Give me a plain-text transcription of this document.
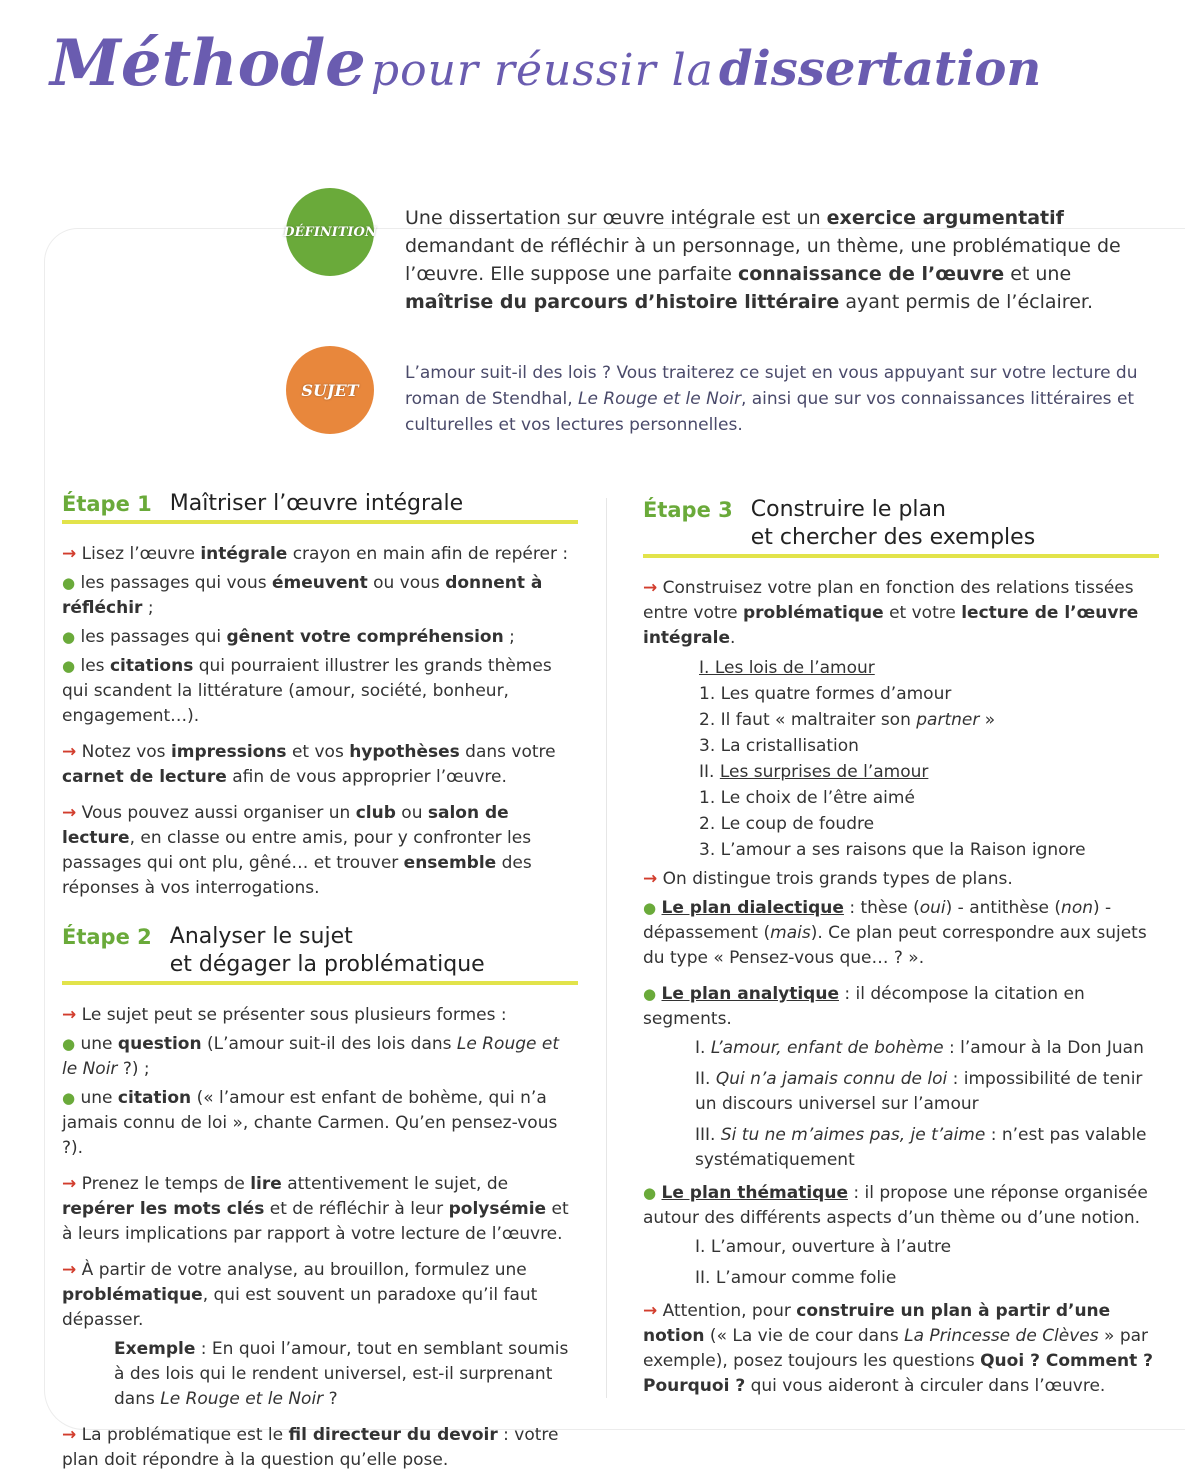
Méthode pour réussir la dissertation
DÉFINITION
Une dissertation sur œuvre intégrale est un exercice argumentatif demandant de réfléchir à un personnage, un thème, une problématique de l’œuvre. Elle suppose une parfaite connaissance de l’œuvre et une maîtrise du parcours d’histoire littéraire ayant permis de l’éclairer.
SUJET
L’amour suit-il des lois ? Vous traiterez ce sujet en vous appuyant sur votre lecture du roman de Stendhal, Le Rouge et le Noir, ainsi que sur vos connaissances littéraires et culturelles et vos lectures personnelles.
Étape 1 Maîtriser l’œuvre intégrale

→ Lisez l’œuvre intégrale crayon en main afin de repérer :

● les passages qui vous émeuvent ou vous donnent à réfléchir ;

● les passages qui gênent votre compréhension ;

● les citations qui pourraient illustrer les grands thèmes qui scandent la littérature (amour, société, bonheur, engagement…).

→ Notez vos impressions et vos hypothèses dans votre carnet de lecture afin de vous approprier l’œuvre.

→ Vous pouvez aussi organiser un club ou salon de lecture, en classe ou entre amis, pour y confronter les passages qui ont plu, gêné… et trouver ensemble des réponses à vos interrogations.

Étape 2 Analyser le sujet
et dégager la problématique

→ Le sujet peut se présenter sous plusieurs formes :

● une question (L’amour suit-il des lois dans Le Rouge et le Noir ?) ;

● une citation (« l’amour est enfant de bohème, qui n’a jamais connu de loi », chante Carmen. Qu’en pensez-vous ?).

→ Prenez le temps de lire attentivement le sujet, de repérer les mots clés et de réfléchir à leur polysémie et à leurs implications par rapport à votre lecture de l’œuvre.

→ À partir de votre analyse, au brouillon, formulez une problématique, qui est souvent un paradoxe qu’il faut dépasser.

Exemple : En quoi l’amour, tout en semblant soumis à des lois qui le rendent universel, est-il surprenant dans Le Rouge et le Noir ?

→ La problématique est le fil directeur du devoir : votre plan doit répondre à la question qu’elle pose.

Étape 3 Construire le plan
et chercher des exemples

→ Construisez votre plan en fonction des relations tissées entre votre problématique et votre lecture de l’œuvre intégrale.

I. Les lois de l’amour
1. Les quatre formes d’amour
2. Il faut « maltraiter son partner »
3. La cristallisation
II. Les surprises de l’amour
1. Le choix de l’être aimé
2. Le coup de foudre
3. L’amour a ses raisons que la Raison ignore

→ On distingue trois grands types de plans.

● Le plan dialectique : thèse (oui) - antithèse (non) - dépassement (mais). Ce plan peut correspondre aux sujets du type « Pensez-vous que… ? ».

● Le plan analytique : il décompose la citation en segments.

I. L’amour, enfant de bohème : l’amour à la Don Juan
II. Qui n’a jamais connu de loi : impossibilité de tenir un discours universel sur l’amour
III. Si tu ne m’aimes pas, je t’aime : n’est pas valable systématiquement

● Le plan thématique : il propose une réponse organisée autour des différents aspects d’un thème ou d’une notion.

I. L’amour, ouverture à l’autre
II. L’amour comme folie

→ Attention, pour construire un plan à partir d’une notion (« La vie de cour dans La Princesse de Clèves » par exemple), posez toujours les questions Quoi ? Comment ? Pourquoi ? qui vous aideront à circuler dans l’œuvre.
